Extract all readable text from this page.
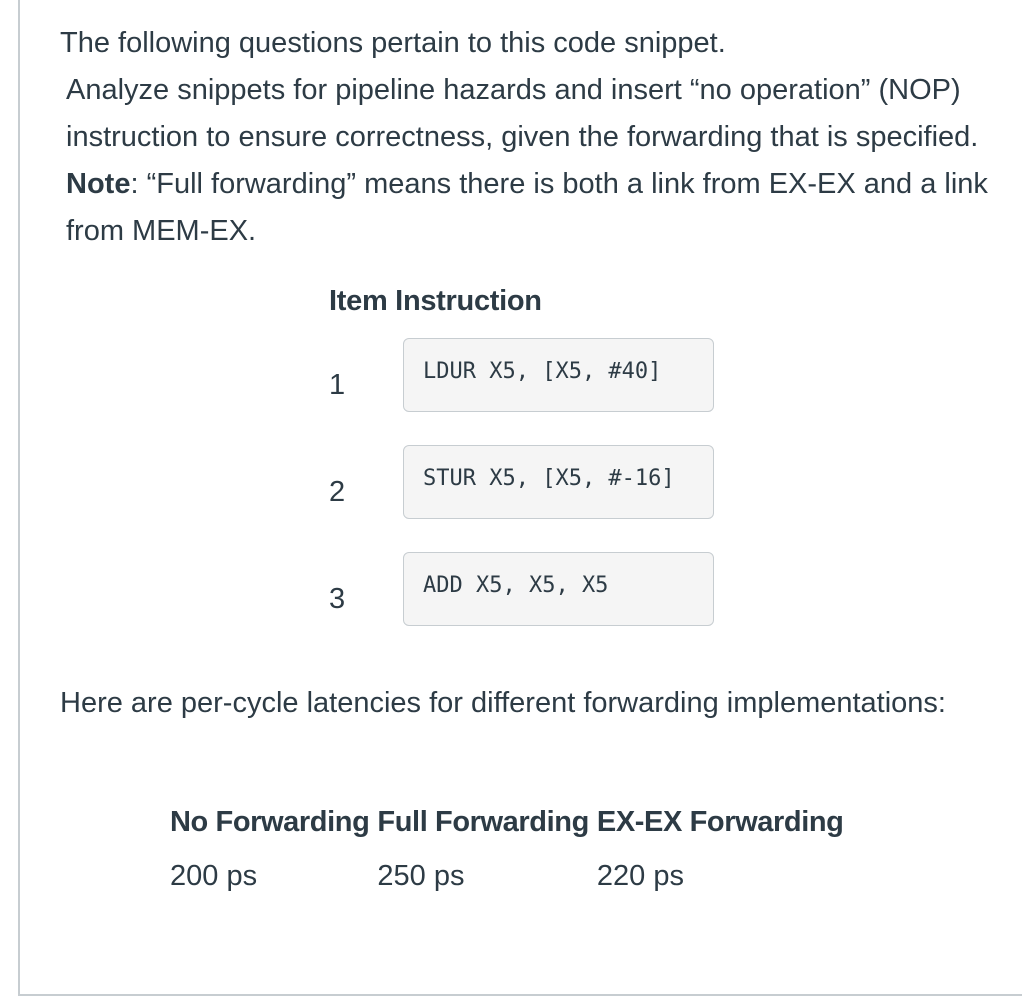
The following questions pertain to this code snippet.

Analyze snippets for pipeline hazards and insert “no operation” (NOP) instruction to ensure correctness, given the forwarding that is specified. Note: “Full forwarding” means there is both a link from EX-EX and a link from MEM-EX.

Item Instruction
1	LDUR X5, [X5, #40]
2	STUR X5, [X5, #-16]
3	ADD X5, X5, X5
Here are per-cycle latencies for different forwarding implementations:
No Forwarding	Full Forwarding	EX-EX Forwarding
200 ps	250 ps	220 ps
